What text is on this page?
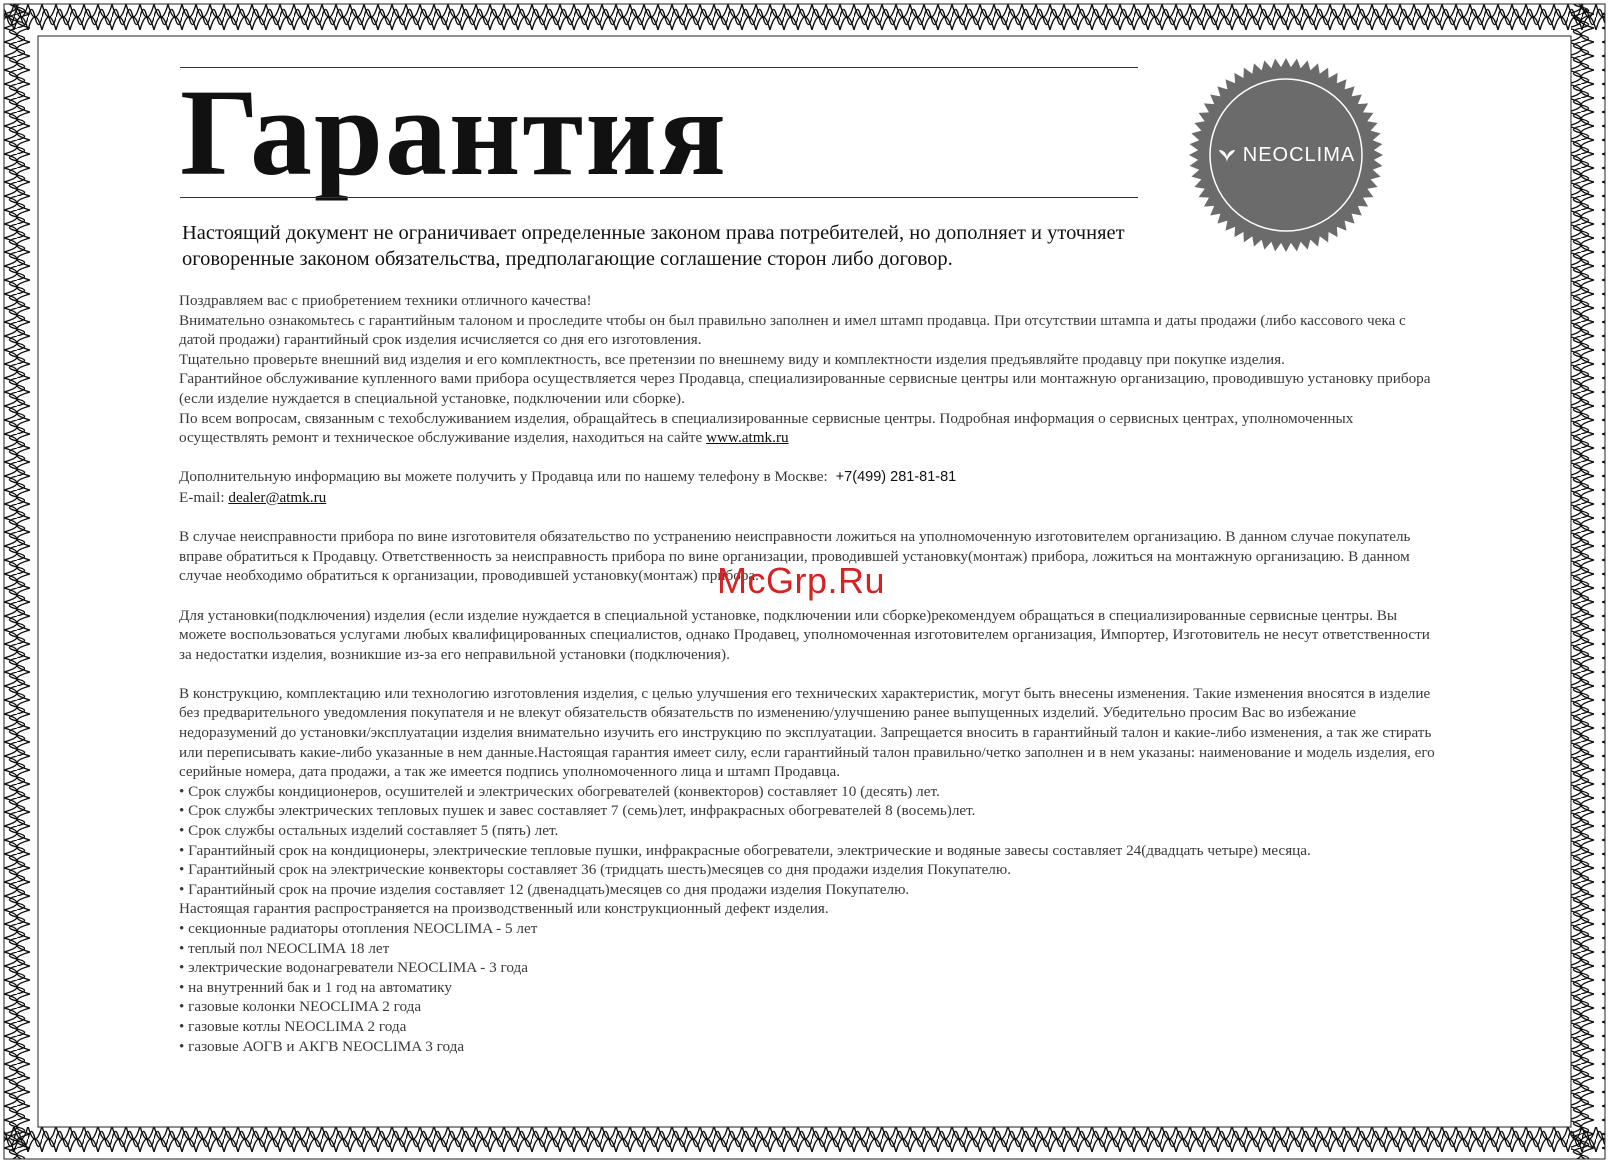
Гарантия	NEOCLIMA
Настоящий документ не ограничивает определенные законом права потребителей, но дополняет и уточняет оговоренные законом обязательства, предполагающие соглашение сторон либо договор.

Поздравляем вас с приобретением техники отличного качества!

Внимательно ознакомьтесь с гарантийным талоном и проследите чтобы он был правильно заполнен и имел штамп продавца. При отсутствии штампа и даты продажи (либо кассового чека с датой продажи) гарантийный срок изделия исчисляется со дня его изготовления.

Тщательно проверьте внешний вид изделия и его комплектность, все претензии по внешнему виду и комплектности изделия предъявляйте продавцу при покупке изделия.

Гарантийное обслуживание купленного вами прибора осуществляется через Продавца, специализированные сервисные центры или монтажную организацию, проводившую установку прибора (если изделие нуждается в специальной установке, подключении или сборке).

По всем вопросам, связанным с техобслуживанием изделия, обращайтесь в специализированные сервисные центры. Подробная информация о сервисных центрах, уполномоченных осуществлять ремонт и техническое обслуживание изделия, находиться на сайте www.atmk.ru

Дополнительную информацию вы можете получить у Продавца или по нашему телефону в Москве: +7(499) 281-81-81

E-mail: dealer@atmk.ru

В случае неисправности прибора по вине изготовителя обязательство по устранению неисправности ложиться на уполномоченную изготовителем организацию. В данном случае покупатель вправе обратиться к Продавцу. Ответственность за неисправность прибора по вине организации, проводившей установку(монтаж) прибора, ложиться на монтажную организацию. В данном случае необходимо обратиться к организации, проводившей установку(монтаж) прибора.

Для установки(подключения) изделия (если изделие нуждается в специальной установке, подключении или сборке)рекомендуем обращаться в специализированные сервисные центры. Вы можете воспользоваться услугами любых квалифицированных специалистов, однако Продавец, уполномоченная изготовителем организация, Импортер, Изготовитель не несут ответственности за недостатки изделия, возникшие из-за его неправильной установки (подключения).

В конструкцию, комплектацию или технологию изготовления изделия, с целью улучшения его технических характеристик, могут быть внесены изменения. Такие изменения вносятся в изделие без предварительного уведомления покупателя и не влекут обязательств обязательств по изменению/улучшению ранее выпущенных изделий. Убедительно просим Вас во избежание недоразумений до установки/эксплуатации изделия внимательно изучить его инструкцию по эксплуатации. Запрещается вносить в гарантийный талон и какие-либо изменения, а так же стирать или переписывать какие-либо указанные в нем данные.Настоящая гарантия имеет силу, если гарантийный талон правильно/четко заполнен и в нем указаны: наименование и модель изделия, его серийные номера, дата продажи, а так же имеется подпись уполномоченного лица и штамп Продавца.

• Срок службы кондиционеров, осушителей и электрических обогревателей (конвекторов) составляет 10 (десять) лет.

• Срок службы электрических тепловых пушек и завес составляет 7 (семь)лет, инфракрасных обогревателей 8 (восемь)лет.

• Срок службы остальных изделий составляет 5 (пять) лет.

• Гарантийный срок на кондиционеры, электрические тепловые пушки, инфракрасные обогреватели, электрические и водяные завесы составляет 24(двадцать четыре) месяца.

• Гарантийный срок на электрические конвекторы составляет 36 (тридцать шесть)месяцев со дня продажи изделия Покупателю.

• Гарантийный срок на прочие изделия составляет 12 (двенадцать)месяцев со дня продажи изделия Покупателю.

Настоящая гарантия распространяется на производственный или конструкционный дефект изделия.

• секционные радиаторы отопления NEOCLIMA - 5 лет

• теплый пол NEOCLIMA 18 лет

• электрические водонагреватели NEOCLIMA - 3 года

• на внутренний бак и 1 год на автоматику

• газовые колонки NEOCLIMA 2 года

• газовые котлы NEOCLIMA 2 года

• газовые АОГВ и АКГВ NEOCLIMA 3 года

McGrp.Ru
